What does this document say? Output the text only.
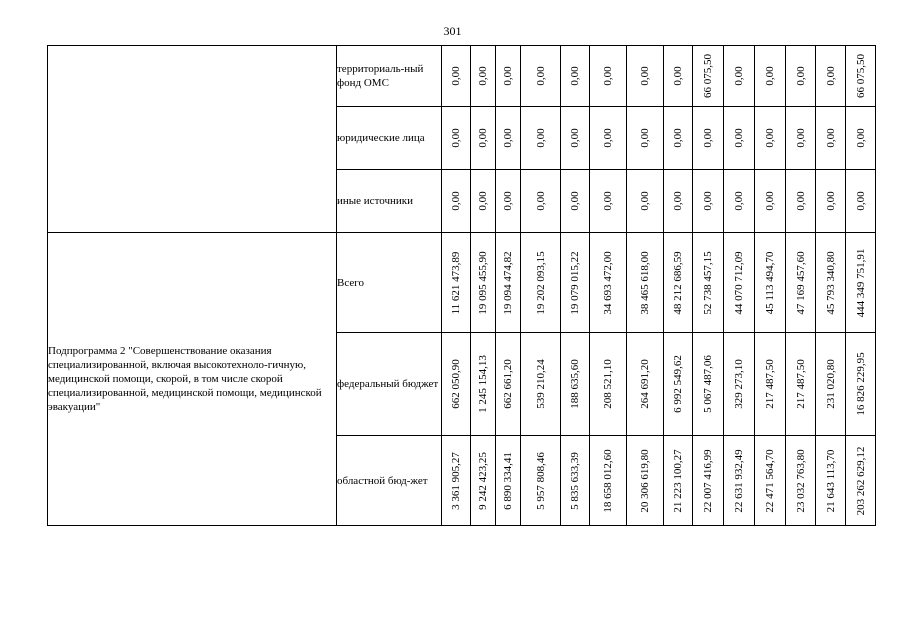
301
	территориаль-ный фонд ОМС	0,00	0,00	0,00	0,00	0,00	0,00	0,00	0,00	66 075,50	0,00	0,00	0,00	0,00	66 075,50

	юридические лица	0,00	0,00	0,00	0,00	0,00	0,00	0,00	0,00	0,00	0,00	0,00	0,00	0,00	0,00

	иные источники	0,00	0,00	0,00	0,00	0,00	0,00	0,00	0,00	0,00	0,00	0,00	0,00	0,00	0,00

Подпрограмма 2 "Совершенствование оказания специализированной, включая высокотехноло-гичную, медицинской помощи, скорой, в том числе скорой специализированной, медицинской помощи, медицинской эвакуации"	Всего	11 621 473,89	19 095 455,90	19 094 474,82	19 202 093,15	19 079 015,22	34 693 472,00	38 465 618,00	48 212 686,59	52 738 457,15	44 070 712,09	45 113 494,70	47 169 457,60	45 793 340,80	444 349 751,91

	федеральный бюджет	662 050,90	1 245 154,13	662 661,20	539 210,24	188 635,60	208 521,10	264 691,20	6 992 549,62	5 067 487,06	329 273,10	217 487,50	217 487,50	231 020,80	16 826 229,95

	областной бюд-жет	3 361 905,27	9 242 423,25	6 890 334,41	5 957 808,46	5 835 633,39	18 658 012,60	20 306 619,80	21 223 100,27	22 007 416,99	22 631 932,49	22 471 564,70	23 032 763,80	21 643 113,70	203 262 629,12
